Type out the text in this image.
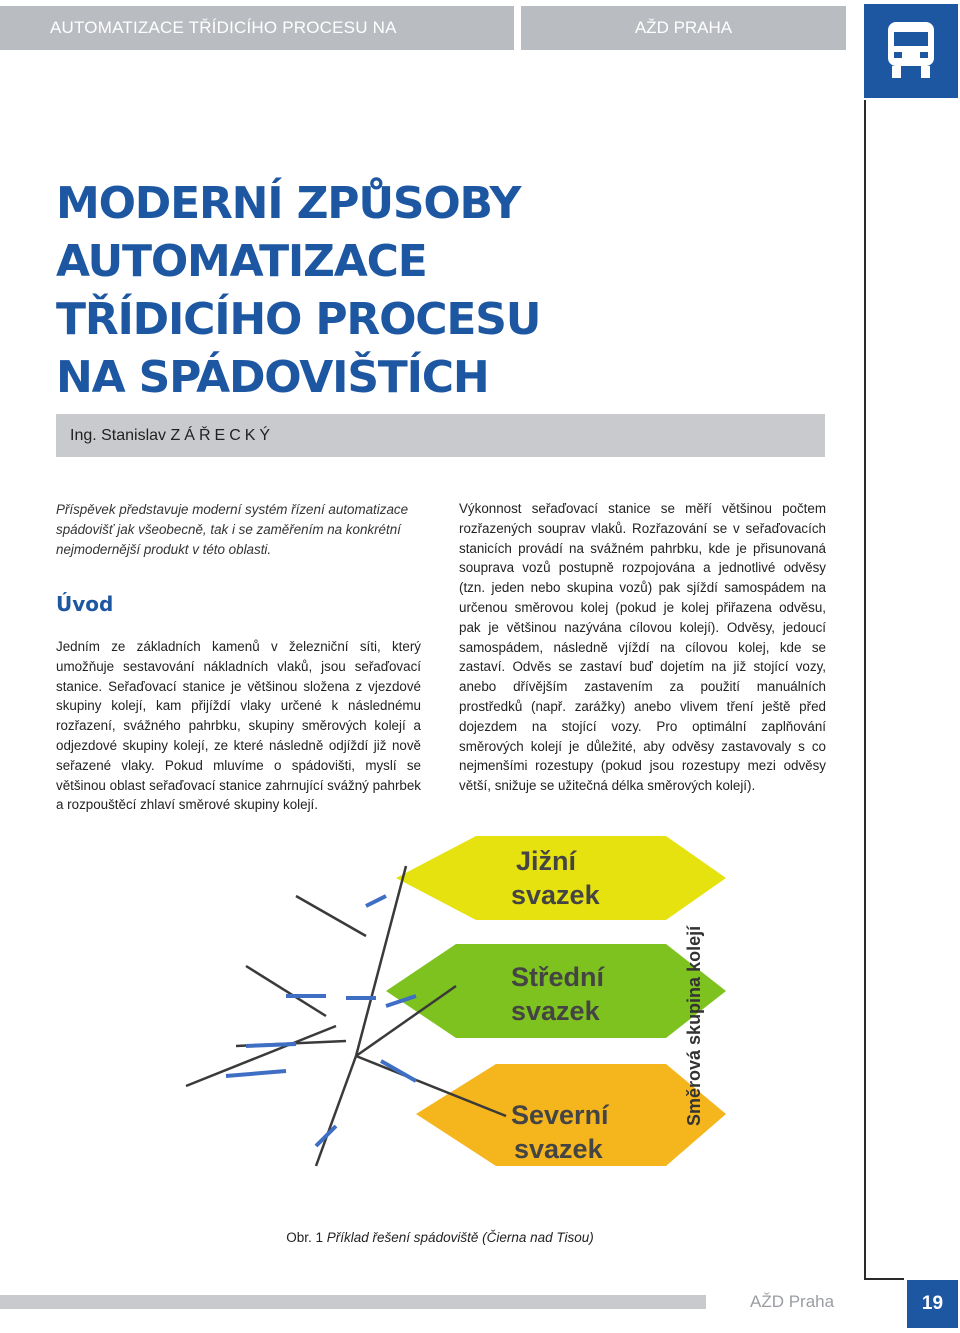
AUTOMATIZACE TŘÍDICÍHO PROCESU NA SPÁDOVIŠTÍCH
AŽD PRAHA
MODERNÍ ZPŮSOBY AUTOMATIZACE
TŘÍDICÍHO PROCESU
NA SPÁDOVIŠTÍCH
Ing. Stanislav ZÁŘECKÝ

Příspěvek představuje moderní systém řízení automatizace spádovišť jak všeobecně, tak i se zaměřením na konkrétní nejmodernější produkt v této oblasti.

Úvod

Jedním ze základních kamenů v železniční síti, který umožňuje sestavování nákladních vlaků, jsou seřaďovací stanice. Seřaďovací stanice je většinou složena z vjezdové skupiny kolejí, kam přijíždí vlaky určené k následnému rozřazení, svážného pahrbku, skupiny směrových kolejí a odjezdové skupiny kolejí, ze které následně odjíždí již nově seřazené vlaky. Pokud mluvíme o spádovišti, myslí se většinou oblast seřaďovací stanice zahrnující svážný pahrbek a rozpouštěcí zhlaví směrové skupiny kolejí.

Výkonnost seřaďovací stanice se měří většinou počtem rozřazených souprav vlaků. Rozřazování se v seřaďovacích stanicích provádí na svážném pahrbku, kde je přisunovaná souprava vozů postupně rozpojována a jednotlivé odvěsy (tzn. jeden nebo skupina vozů) pak sjíždí samospádem na určenou směrovou kolej (pokud je kolej přiřazena odvěsu, pak je většinou nazývána cílovou kolejí). Odvěsy, jedoucí samospádem, následně vjíždí na cílovou kolej, kde se zastaví. Odvěs se zastaví buď dojetím na již stojící vozy, anebo dřívějším zastavením za použití manuálních prostředků (např. zarážky) anebo vlivem tření ještě před dojezdem na stojící vozy. Pro optimální zaplňování směrových kolejí je důležité, aby odvěsy zastavovaly s co nejmenšími rozestupy (pokud jsou rozestupy mezi odvěsy větší, snižuje se užitečná délka směrových kolejí).

Jižní
svazek
Střední
svazek
Severní
svazek
Směrová skupina kolejí

Obr. 1 Příklad řešení spádoviště (Čierna nad Tisou)

AŽD Praha	19
